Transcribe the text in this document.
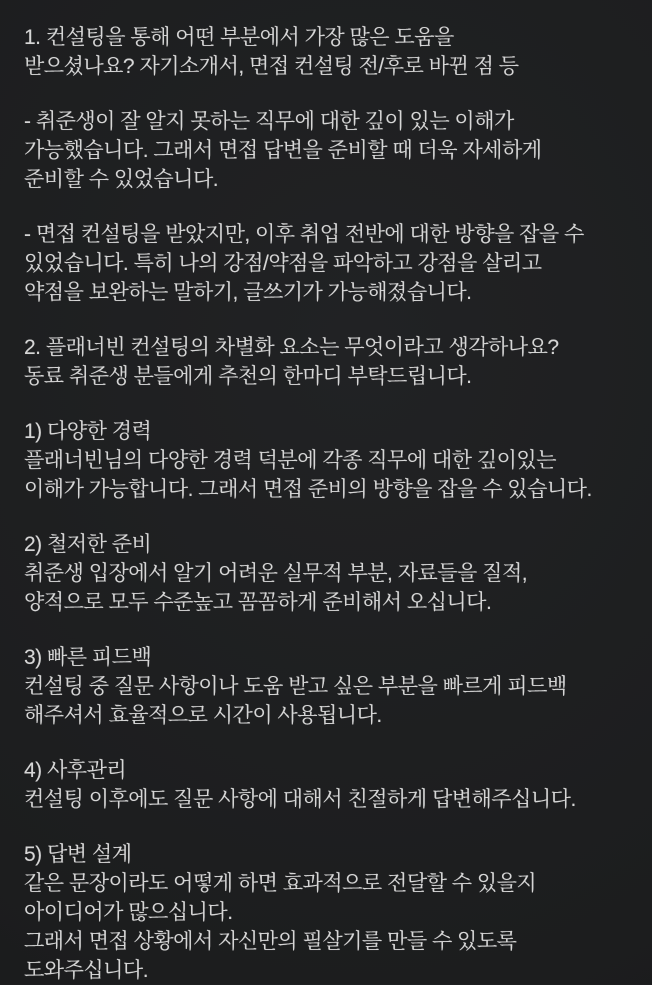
1. 컨설팅을 통해 어떤 부분에서 가장 많은 도움을
받으셨나요? 자기소개서, 면접 컨설팅 전/후로 바뀐 점 등
- 취준생이 잘 알지 못하는 직무에 대한 깊이 있는 이해가
가능했습니다. 그래서 면접 답변을 준비할 때 더욱 자세하게
준비할 수 있었습니다.
- 면접 컨설팅을 받았지만, 이후 취업 전반에 대한 방향을 잡을 수
있었습니다. 특히 나의 강점/약점을 파악하고 강점을 살리고
약점을 보완하는 말하기, 글쓰기가 가능해졌습니다.
2. 플래너빈 컨설팅의 차별화 요소는 무엇이라고 생각하나요?
동료 취준생 분들에게 추천의 한마디 부탁드립니다.
1) 다양한 경력
플래너빈님의 다양한 경력 덕분에 각종 직무에 대한 깊이있는
이해가 가능합니다. 그래서 면접 준비의 방향을 잡을 수 있습니다.
2) 철저한 준비
취준생 입장에서 알기 어려운 실무적 부분, 자료들을 질적,
양적으로 모두 수준높고 꼼꼼하게 준비해서 오십니다.
3) 빠른 피드백
컨설팅 중 질문 사항이나 도움 받고 싶은 부분을 빠르게 피드백
해주셔서 효율적으로 시간이 사용됩니다.
4) 사후관리
컨설팅 이후에도 질문 사항에 대해서 친절하게 답변해주십니다.
5) 답변 설계
같은 문장이라도 어떻게 하면 효과적으로 전달할 수 있을지
아이디어가 많으십니다.
그래서 면접 상황에서 자신만의 필살기를 만들 수 있도록
도와주십니다.
